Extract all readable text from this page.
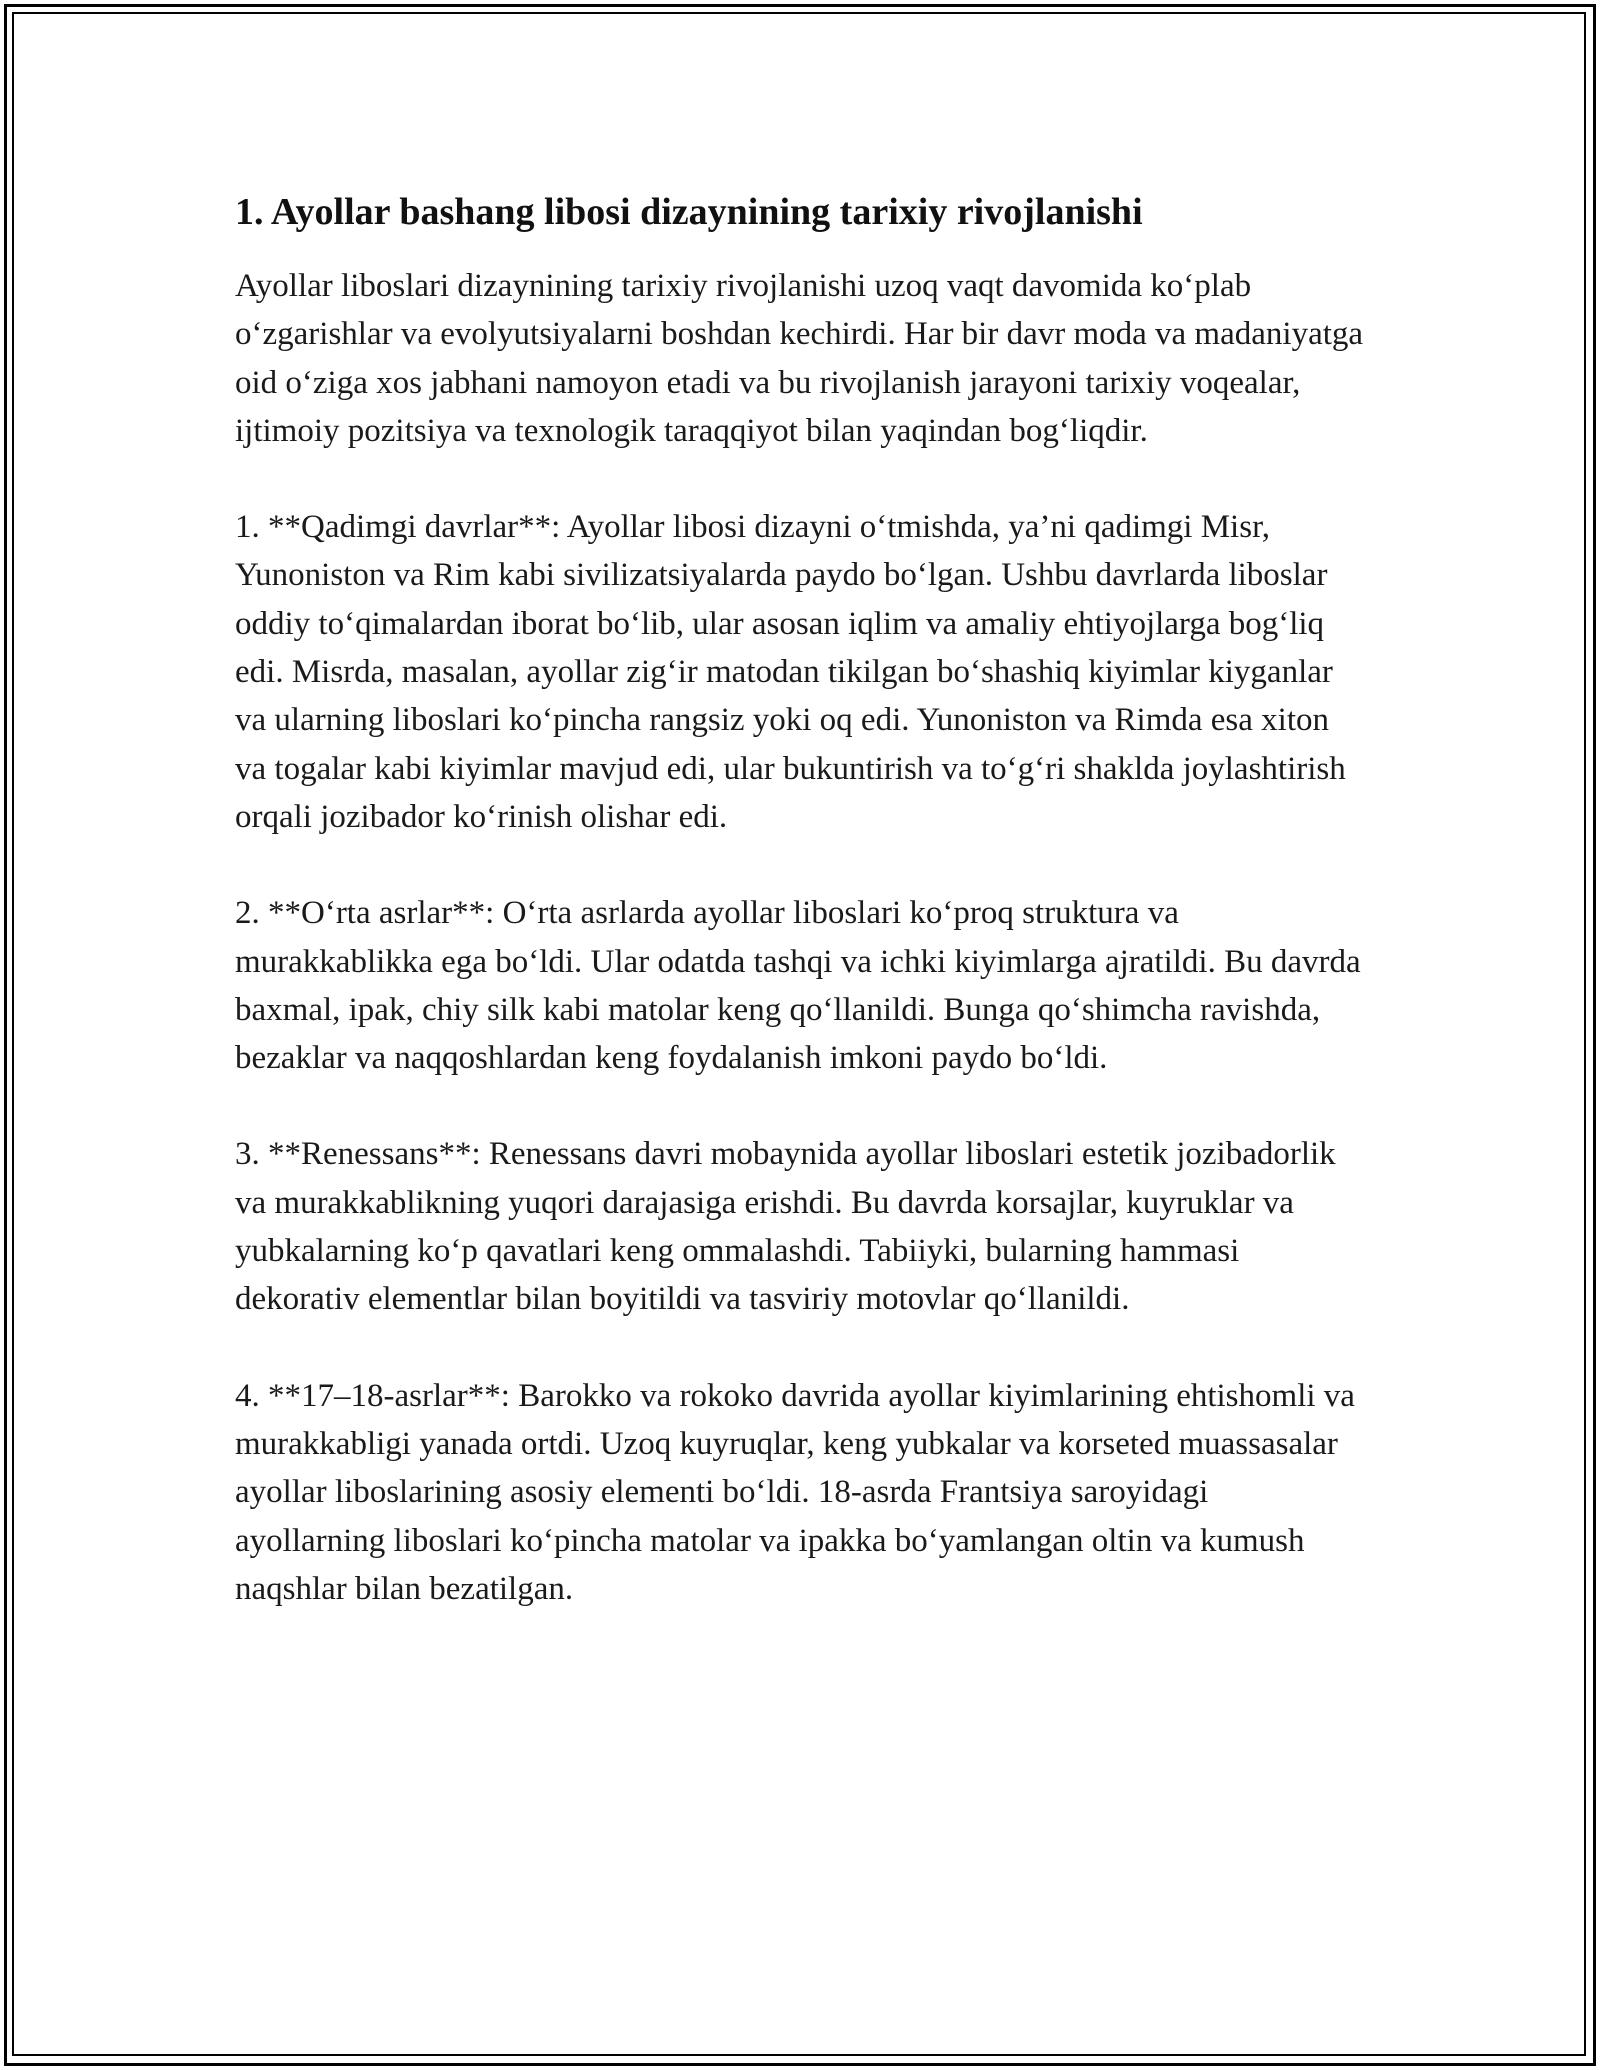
1. Ayollar bashang libosi dizaynining tarixiy rivojlanishi

Ayollar liboslari dizaynining tarixiy rivojlanishi uzoq vaqt davomida ko‘plab o‘zgarishlar va evolyutsiyalarni boshdan kechirdi. Har bir davr moda va madaniyatga oid o‘ziga xos jabhani namoyon etadi va bu rivojlanish jarayoni tarixiy voqealar, ijtimoiy pozitsiya va texnologik taraqqiyot bilan yaqindan bog‘liqdir.

1. **Qadimgi davrlar**: Ayollar libosi dizayni o‘tmishda, ya’ni qadimgi Misr, Yunoniston va Rim kabi sivilizatsiyalarda paydo bo‘lgan. Ushbu davrlarda liboslar oddiy to‘qimalardan iborat bo‘lib, ular asosan iqlim va amaliy ehtiyojlarga bog‘liq edi. Misrda, masalan, ayollar zig‘ir matodan tikilgan bo‘shashiq kiyimlar kiyganlar va ularning liboslari ko‘pincha rangsiz yoki oq edi. Yunoniston va Rimda esa xiton va togalar kabi kiyimlar mavjud edi, ular bukuntirish va to‘g‘ri shaklda joylashtirish orqali jozibador ko‘rinish olishar edi.

2. **O‘rta asrlar**: O‘rta asrlarda ayollar liboslari ko‘proq struktura va murakkablikka ega bo‘ldi. Ular odatda tashqi va ichki kiyimlarga ajratildi. Bu davrda baxmal, ipak, chiy silk kabi matolar keng qo‘llanildi. Bunga qo‘shimcha ravishda, bezaklar va naqqoshlardan keng foydalanish imkoni paydo bo‘ldi.

3. **Renessans**: Renessans davri mobaynida ayollar liboslari estetik jozibadorlik va murakkablikning yuqori darajasiga erishdi. Bu davrda korsajlar, kuyruklar va yubkalarning ko‘p qavatlari keng ommalashdi. Tabiiyki, bularning hammasi dekorativ elementlar bilan boyitildi va tasviriy motovlar qo‘llanildi.

4. **17–18-asrlar**: Barokko va rokoko davrida ayollar kiyimlarining ehtishomli va murakkabligi yanada ortdi. Uzoq kuyruqlar, keng yubkalar va korseted muassasalar ayollar liboslarining asosiy elementi bo‘ldi. 18-asrda Frantsiya saroyidagi ayollarning liboslari ko‘pincha matolar va ipakka bo‘yamlangan oltin va kumush naqshlar bilan bezatilgan.
